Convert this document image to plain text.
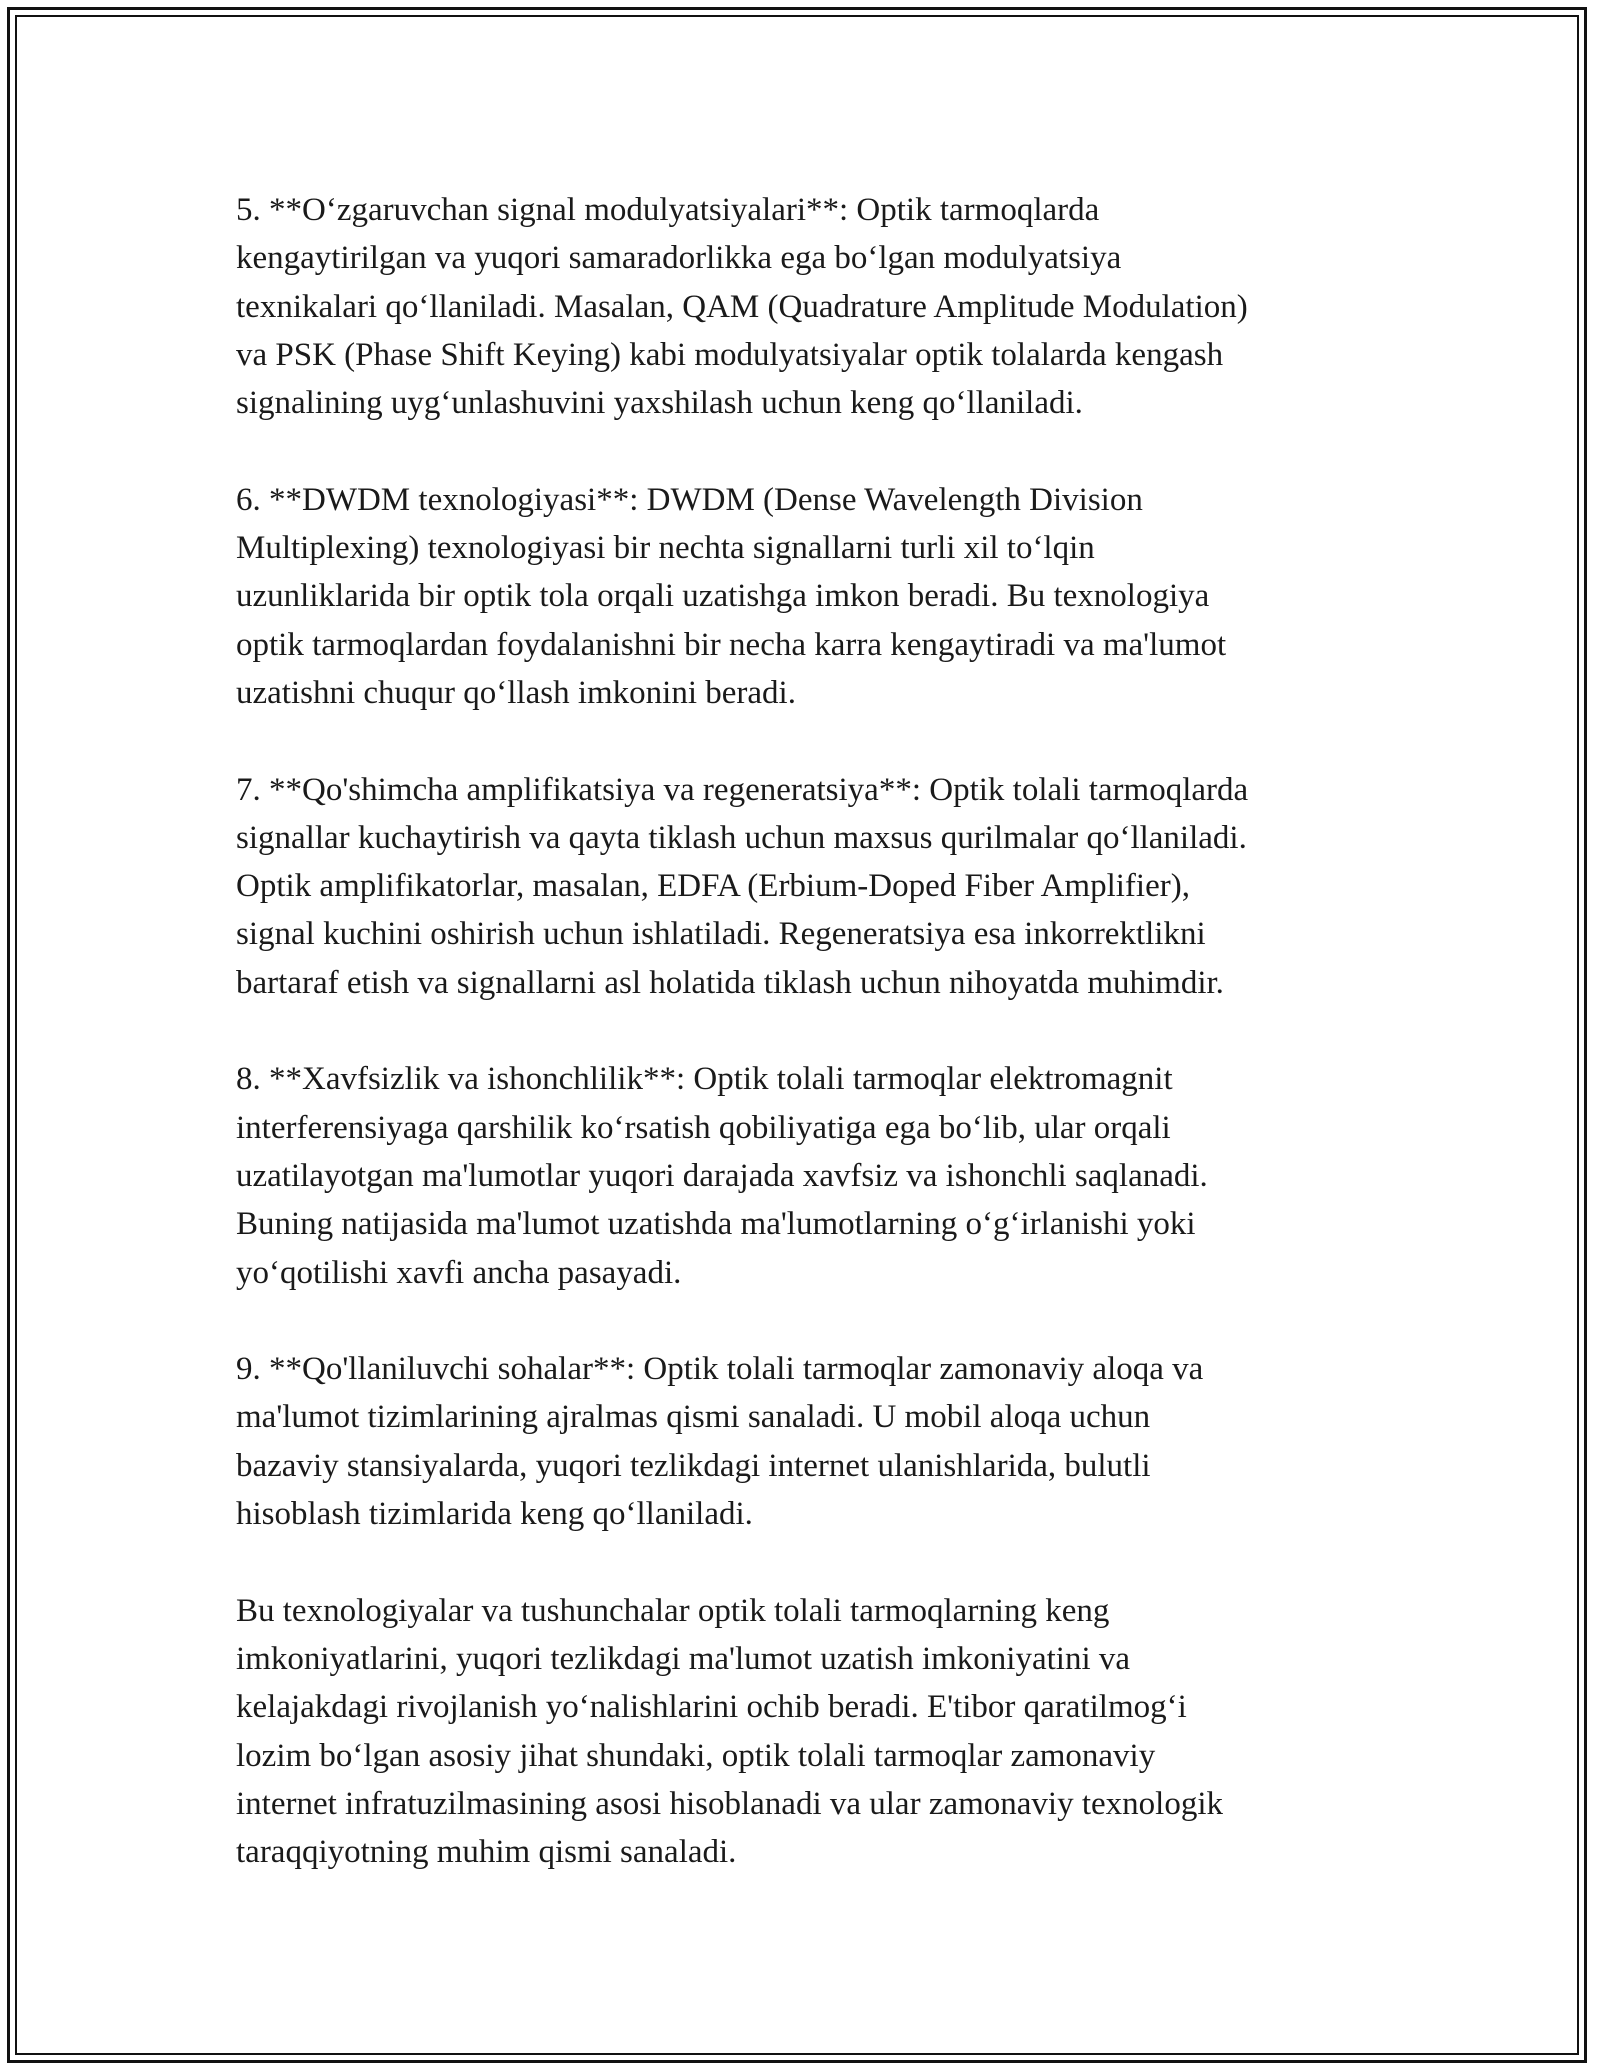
5. **O‘zgaruvchan signal modulyatsiyalari**: Optik tarmoqlarda
kengaytirilgan va yuqori samaradorlikka ega bo‘lgan modulyatsiya
texnikalari qo‘llaniladi. Masalan, QAM (Quadrature Amplitude Modulation)
va PSK (Phase Shift Keying) kabi modulyatsiyalar optik tolalarda kengash
signalining uyg‘unlashuvini yaxshilash uchun keng qo‘llaniladi.

6. **DWDM texnologiyasi**: DWDM (Dense Wavelength Division
Multiplexing) texnologiyasi bir nechta signallarni turli xil to‘lqin
uzunliklarida bir optik tola orqali uzatishga imkon beradi. Bu texnologiya
optik tarmoqlardan foydalanishni bir necha karra kengaytiradi va ma'lumot
uzatishni chuqur qo‘llash imkonini beradi.

7. **Qo'shimcha amplifikatsiya va regeneratsiya**: Optik tolali tarmoqlarda
signallar kuchaytirish va qayta tiklash uchun maxsus qurilmalar qo‘llaniladi.
Optik amplifikatorlar, masalan, EDFA (Erbium-Doped Fiber Amplifier),
signal kuchini oshirish uchun ishlatiladi. Regeneratsiya esa inkorrektlikni
bartaraf etish va signallarni asl holatida tiklash uchun nihoyatda muhimdir.

8. **Xavfsizlik va ishonchlilik**: Optik tolali tarmoqlar elektromagnit
interferensiyaga qarshilik ko‘rsatish qobiliyatiga ega bo‘lib, ular orqali
uzatilayotgan ma'lumotlar yuqori darajada xavfsiz va ishonchli saqlanadi.
Buning natijasida ma'lumot uzatishda ma'lumotlarning o‘g‘irlanishi yoki
yo‘qotilishi xavfi ancha pasayadi.

9. **Qo'llaniluvchi sohalar**: Optik tolali tarmoqlar zamonaviy aloqa va
ma'lumot tizimlarining ajralmas qismi sanaladi. U mobil aloqa uchun
bazaviy stansiyalarda, yuqori tezlikdagi internet ulanishlarida, bulutli
hisoblash tizimlarida keng qo‘llaniladi.

Bu texnologiyalar va tushunchalar optik tolali tarmoqlarning keng
imkoniyatlarini, yuqori tezlikdagi ma'lumot uzatish imkoniyatini va
kelajakdagi rivojlanish yo‘nalishlarini ochib beradi. E'tibor qaratilmog‘i
lozim bo‘lgan asosiy jihat shundaki, optik tolali tarmoqlar zamonaviy
internet infratuzilmasining asosi hisoblanadi va ular zamonaviy texnologik
taraqqiyotning muhim qismi sanaladi.
